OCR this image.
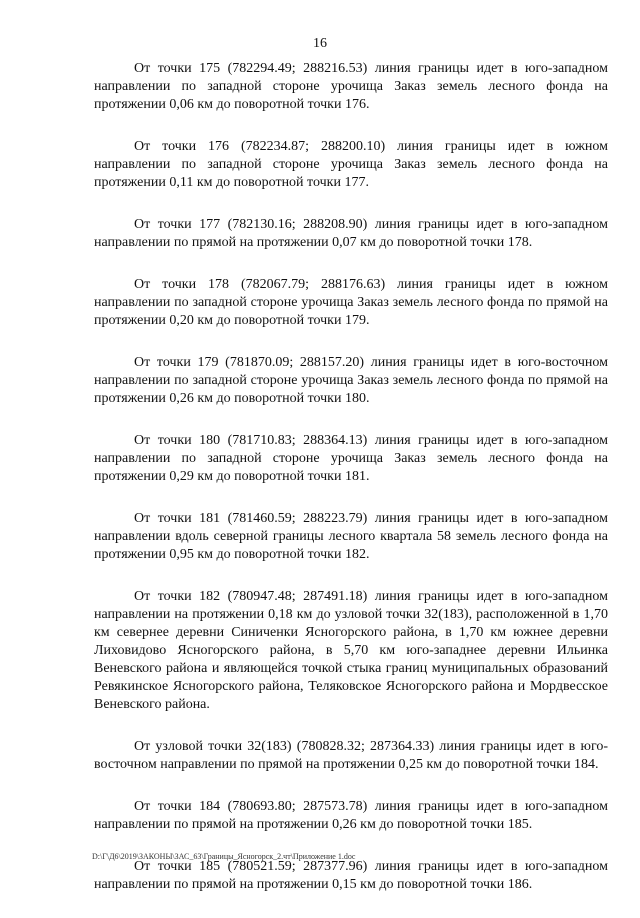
16

От точки 175 (782294.49; 288216.53) линия границы идет в юго-западном направлении по западной стороне урочища Заказ земель лесного фонда на протяжении 0,06 км до поворотной точки 176.

От точки 176 (782234.87; 288200.10) линия границы идет в южном направлении по западной стороне урочища Заказ земель лесного фонда на протяжении 0,11 км до поворотной точки 177.

От точки 177 (782130.16; 288208.90) линия границы идет в юго-западном направлении по прямой на протяжении 0,07 км до поворотной точки 178.

От точки 178 (782067.79; 288176.63) линия границы идет в южном направлении по западной стороне урочища Заказ земель лесного фонда по прямой на протяжении 0,20 км до поворотной точки 179.

От точки 179 (781870.09; 288157.20) линия границы идет в юго-восточном направлении по западной стороне урочища Заказ земель лесного фонда по прямой на протяжении 0,26 км до поворотной точки 180.

От точки 180 (781710.83; 288364.13) линия границы идет в юго-западном направлении по западной стороне урочища Заказ земель лесного фонда на протяжении 0,29 км до поворотной точки 181.

От точки 181 (781460.59; 288223.79) линия границы идет в юго-западном направлении вдоль северной границы лесного квартала 58 земель лесного фонда на протяжении 0,95 км до поворотной точки 182.

От точки 182 (780947.48; 287491.18) линия границы идет в юго-западном направлении на протяжении 0,18 км до узловой точки 32(183), расположенной в 1,70 км севернее деревни Синиченки Ясногорского района, в 1,70 км южнее деревни Лиховидово Ясногорского района, в 5,70 км юго-западнее деревни Ильинка Веневского района и являющейся точкой стыка границ муниципальных образований Ревякинское Ясногорского района, Теляковское Ясногорского района и Мордвесское Веневского района.

От узловой точки 32(183) (780828.32; 287364.33) линия границы идет в юго-восточном направлении по прямой на протяжении 0,25 км до поворотной точки 184.

От точки 184 (780693.80; 287573.78) линия границы идет в юго-западном направлении по прямой на протяжении 0,26 км до поворотной точки 185.

От точки 185 (780521.59; 287377.96) линия границы идет в юго-западном направлении по прямой на протяжении 0,15 км до поворотной точки 186.

D:\Г\Д6\2019\ЗАКОНЫ\ЗАС_63\Границы_Ясногорск_2.чт\Приложение 1.doc
